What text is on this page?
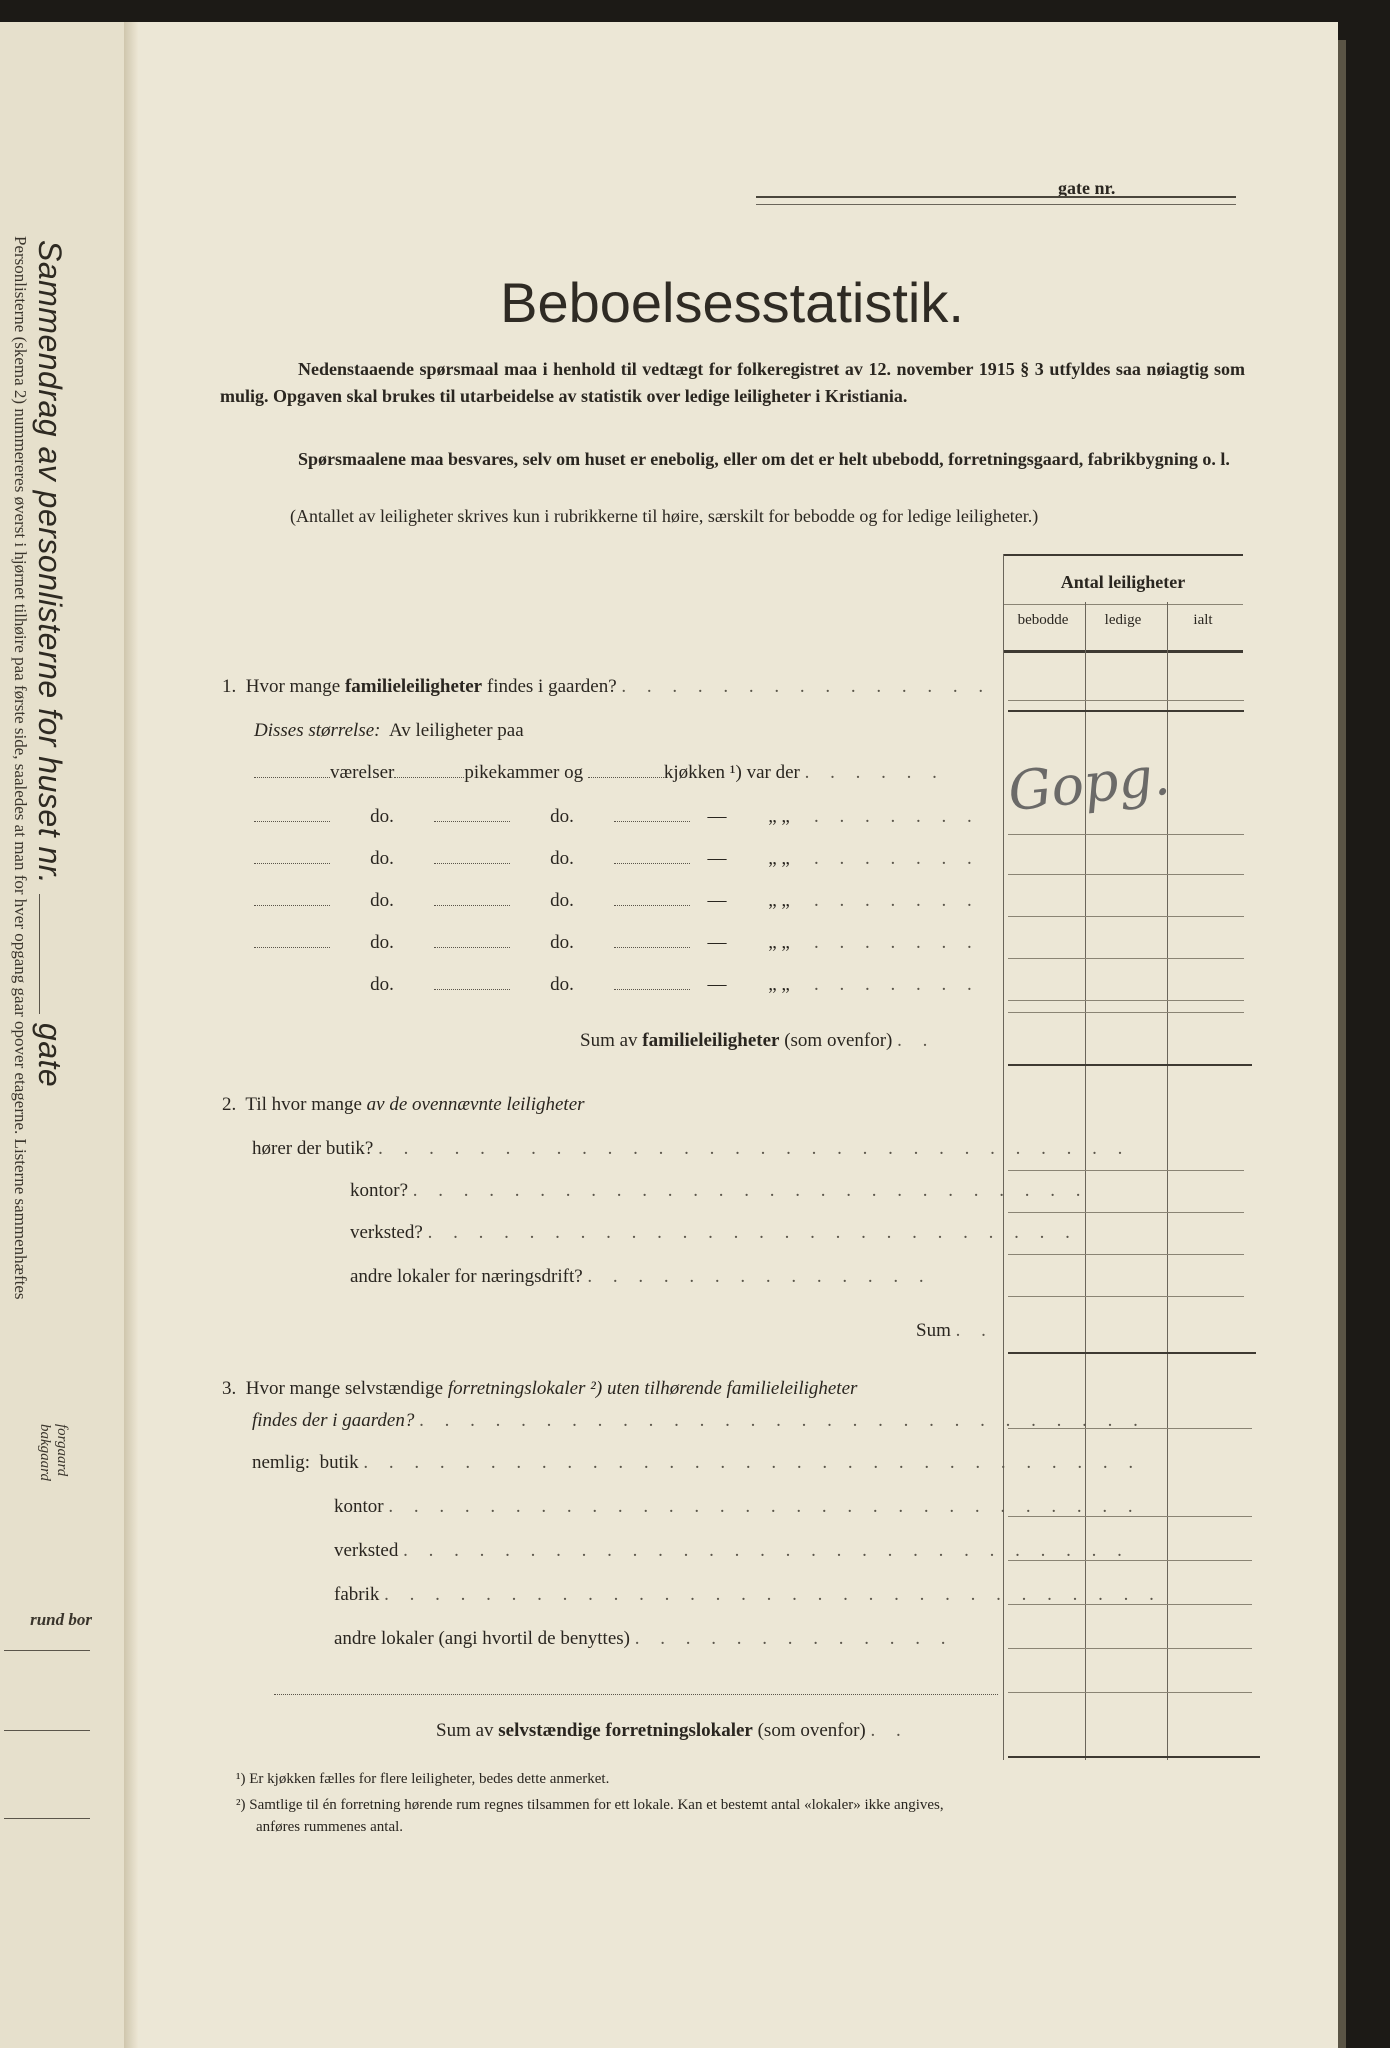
Sammendrag av personlisterne for huset nr.  gate
Personlisterne (skema 2) nummereres øverst i hjørnet tilhøire paa første side, saaledes at man for hver opgang gaar opover etagerne. Listerne sammenhæftes
forgaard bakgaard
rund bor
gate nr.
Beboelsesstatistik.
Nedenstaaende spørsmaal maa i henhold til vedtægt for folkeregistret av 12. november 1915 § 3 utfyldes saa nøiagtig som mulig. Opgaven skal brukes til utarbeidelse av statistik over ledige leiligheter i Kristiania.
Spørsmaalene maa besvares, selv om huset er enebolig, eller om det er helt ubebodd, forretningsgaard, fabrikbygning o. l.
(Antallet av leiligheter skrives kun i rubrikkerne til høire, særskilt for bebodde og for ledige leiligheter.)
Antal leiligheter
bebodde	ledige	ialt
Gopg.
1. Hvor mange familieleiligheter findes i gaarden? . . . . . . . . . . . . . . .
Disses størrelse: Av leiligheter paa
værelser	pikekammer og	kjøkken ¹) var der . . . . . .
do.	do.	— „ „ . . . . . . .
do.	do.	— „ „ . . . . . . .
do.	do.	— „ „ . . . . . . .
do.	do.	— „ „ . . . . . . .
do.	do.	— „ „ . . . . . . .
Sum av familieleiligheter (som ovenfor) . .
2. Til hvor mange av de ovennævnte leiligheter
hører der butik? . . . . . . . . . . . . . . . . . . . . . . . . . . . . . .
kontor? . . . . . . . . . . . . . . . . . . . . . . . . . . .
verksted? . . . . . . . . . . . . . . . . . . . . . . . . . .
andre lokaler for næringsdrift? . . . . . . . . . . . . . .
Sum . .
3. Hvor mange selvstændige forretningslokaler ²) uten tilhørende familieleiligheter
findes der i gaarden? . . . . . . . . . . . . . . . . . . . . . . . . . . . . .
nemlig: butik . . . . . . . . . . . . . . . . . . . . . . . . . . . . . . .
kontor . . . . . . . . . . . . . . . . . . . . . . . . . . . . . .
verksted . . . . . . . . . . . . . . . . . . . . . . . . . . . . .
fabrik . . . . . . . . . . . . . . . . . . . . . . . . . . . . . . .
andre lokaler (angi hvortil de benyttes) . . . . . . . . . . . . .
Sum av selvstændige forretningslokaler (som ovenfor) . .
¹) Er kjøkken fælles for flere leiligheter, bedes dette anmerket.
²) Samtlige til én forretning hørende rum regnes tilsammen for ett lokale. Kan et bestemt antal «lokaler» ikke angives,
anføres rummenes antal.
